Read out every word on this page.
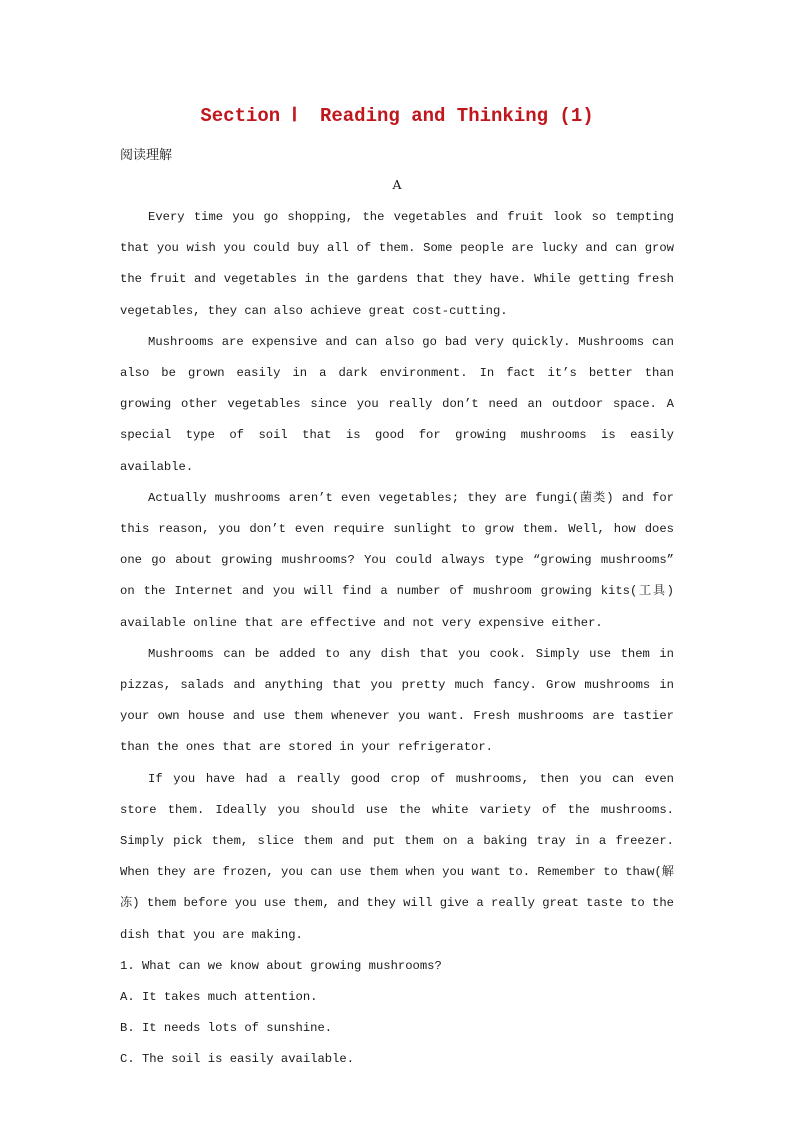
Section Ⅰ  Reading and Thinking (1)
阅读理解
A

Every time you go shopping, the vegetables and fruit look so tempting that you wish you could buy all of them. Some people are lucky and can grow the fruit and vegetables in the gardens that they have. While getting fresh vegetables, they can also achieve great cost-cutting.

Mushrooms are expensive and can also go bad very quickly. Mushrooms can also be grown easily in a dark environment. In fact it’s better than growing other vegetables since you really don’t need an outdoor space. A special type of soil that is good for growing mushrooms is easily available.

Actually mushrooms aren’t even vegetables; they are fungi(菌类) and for this reason, you don’t even require sunlight to grow them. Well, how does one go about growing mushrooms? You could always type “growing mushrooms” on the Internet and you will find a number of mushroom growing kits(工具) available online that are effective and not very expensive either.

Mushrooms can be added to any dish that you cook. Simply use them in pizzas, salads and anything that you pretty much fancy. Grow mushrooms in your own house and use them whenever you want. Fresh mushrooms are tastier than the ones that are stored in your refrigerator.

If you have had a really good crop of mushrooms, then you can even store them. Ideally you should use the white variety of the mushrooms. Simply pick them, slice them and put them on a baking tray in a freezer. When they are frozen, you can use them when you want to. Remember to thaw(解冻) them before you use them, and they will give a really great taste to the dish that you are making.

1. What can we know about growing mushrooms?
A. It takes much attention.
B. It needs lots of sunshine.
C. The soil is easily available.
